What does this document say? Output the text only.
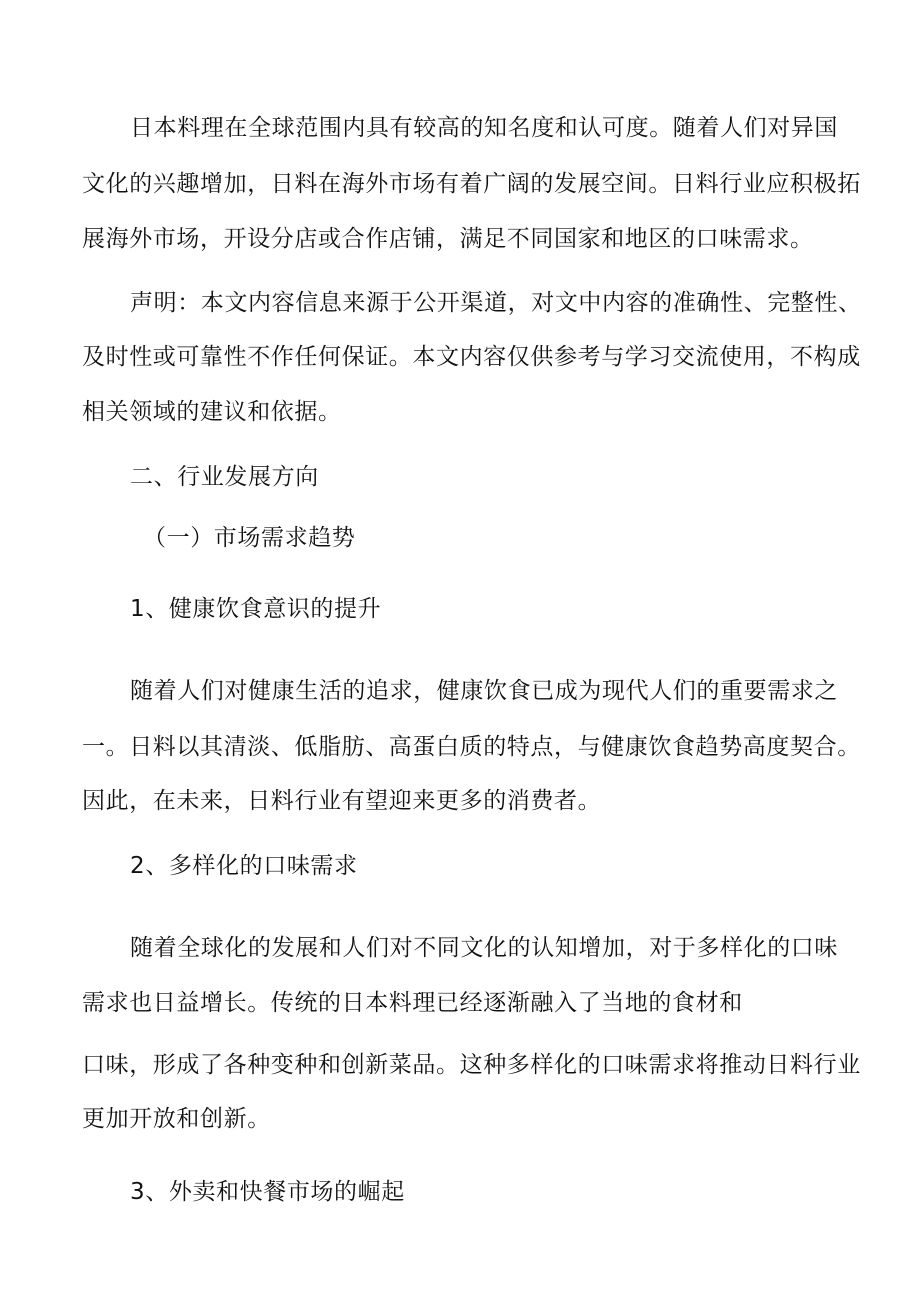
日本料理在全球范围内具有较高的知名度和认可度。随着人们对异国
文化的兴趣增加，日料在海外市场有着广阔的发展空间。日料行业应积极拓
展海外市场，开设分店或合作店铺，满足不同国家和地区的口味需求。
声明：本文内容信息来源于公开渠道，对文中内容的准确性、完整性、
及时性或可靠性不作任何保证。本文内容仅供参考与学习交流使用，不构成
相关领域的建议和依据。
二、行业发展方向
（一）市场需求趋势
1、健康饮食意识的提升
随着人们对健康生活的追求，健康饮食已成为现代人们的重要需求之
一。日料以其清淡、低脂肪、高蛋白质的特点，与健康饮食趋势高度契合。
因此，在未来，日料行业有望迎来更多的消费者。
2、多样化的口味需求
随着全球化的发展和人们对不同文化的认知增加，对于多样化的口味
需求也日益增长。传统的日本料理已经逐渐融入了当地的食材和
口味，形成了各种变种和创新菜品。这种多样化的口味需求将推动日料行业
更加开放和创新。
3、外卖和快餐市场的崛起
